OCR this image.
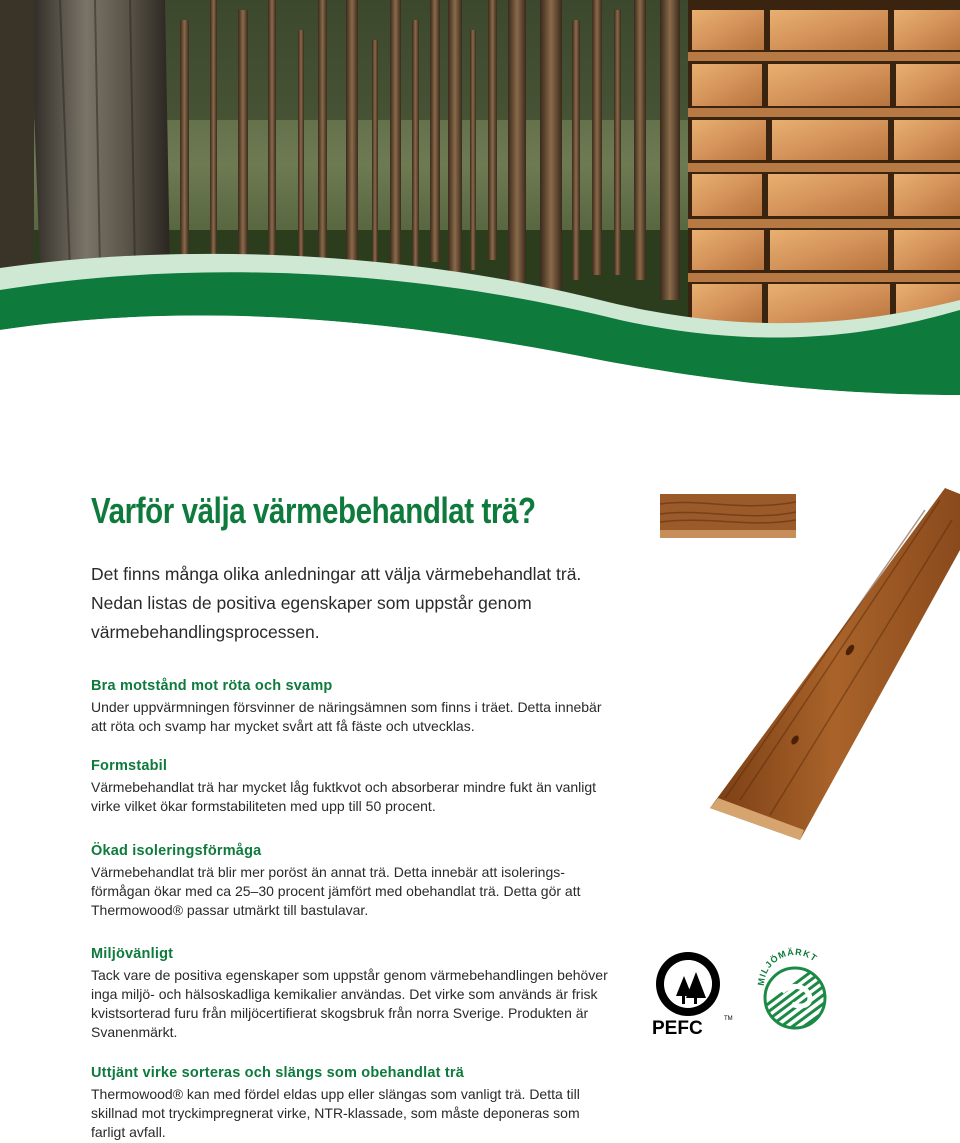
Varför välja värmebehandlat trä?

Det finns många olika anledningar att välja värmebehandlat trä. Nedan listas de positiva egenskaper som uppstår genom värmebehandlingsprocessen.

Bra motstånd mot röta och svamp

Under uppvärmningen försvinner de näringsämnen som finns i träet. Detta innebär att röta och svamp har mycket svårt att få fäste och utvecklas.

Formstabil

Värmebehandlat trä har mycket låg fuktkvot och absorberar mindre fukt än vanligt virke vilket ökar formstabiliteten med upp till 50 procent.

Ökad isoleringsförmåga

Värmebehandlat trä blir mer poröst än annat trä. Detta innebär att isolerings-förmågan ökar med ca 25–30 procent jämfört med obehandlat trä. Detta gör att Thermowood® passar utmärkt till bastulavar.

Miljövänligt

Tack vare de positiva egenskaper som uppstår genom värmebehandlingen behöver inga miljö- och hälsoskadliga kemikalier användas. Det virke som används är frisk kvistsorterad furu från miljöcertifierat skogsbruk från norra Sverige. Produkten är Svanenmärkt.

Uttjänt virke sorteras och slängs som obehandlat trä

Thermowood® kan med fördel eldas upp eller slängas som vanligt trä. Detta till skillnad mot tryckimpregnerat virke, NTR-klassade, som måste deponeras som farligt avfall.

PEFC	TM
MILJÖMÄRKT
